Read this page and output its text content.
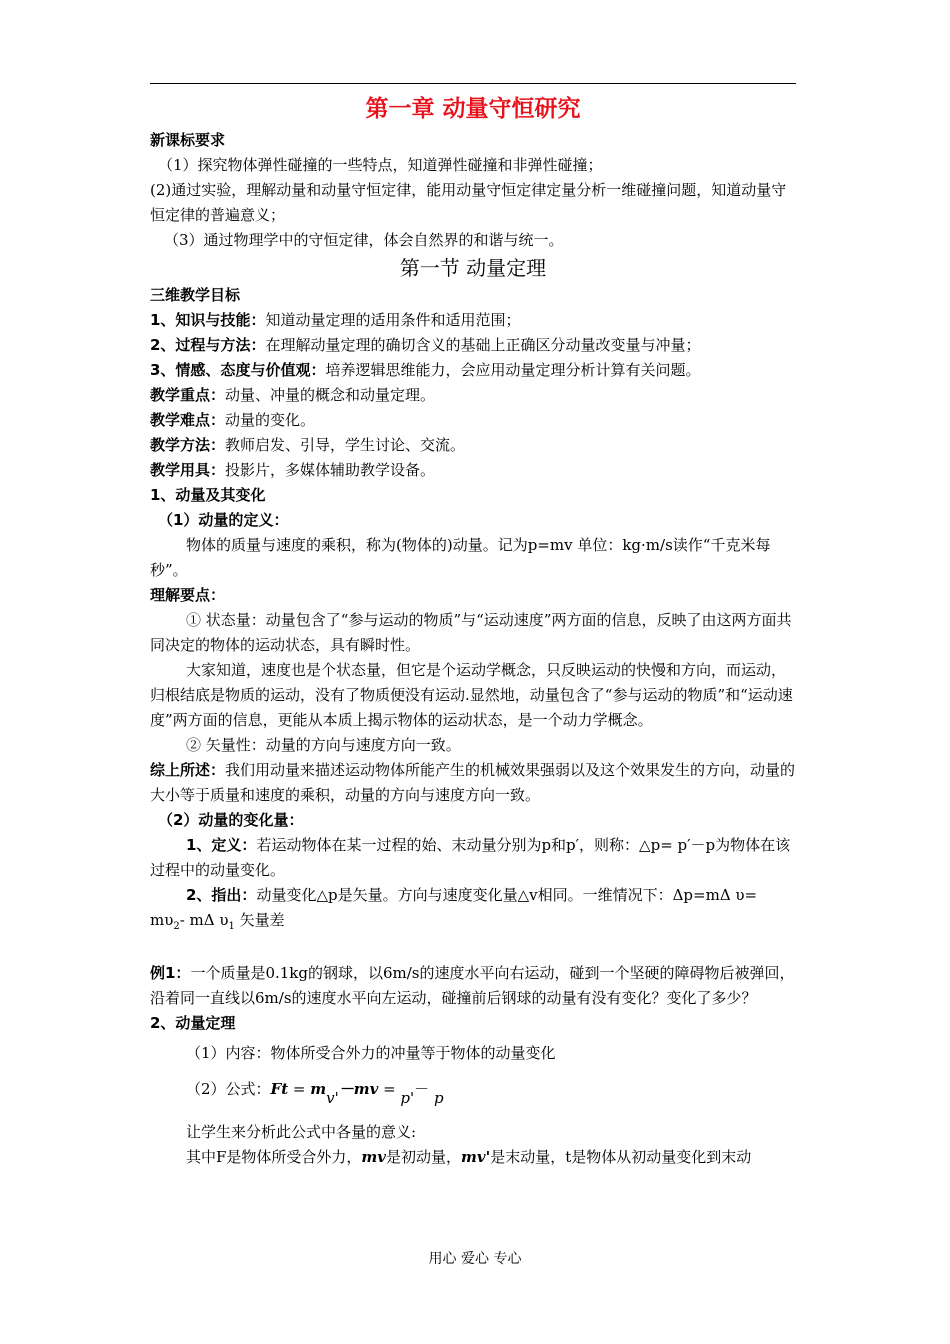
第一章 动量守恒研究

新课标要求

（1）探究物体弹性碰撞的一些特点，知道弹性碰撞和非弹性碰撞；

(2)通过实验，理解动量和动量守恒定律，能用动量守恒定律定量分析一维碰撞问题，知道动量守恒定律的普遍意义；

（3）通过物理学中的守恒定律，体会自然界的和谐与统一。

第一节 动量定理

三维教学目标

1、知识与技能：知道动量定理的适用条件和适用范围；

2、过程与方法：在理解动量定理的确切含义的基础上正确区分动量改变量与冲量；

3、情感、态度与价值观：培养逻辑思维能力，会应用动量定理分析计算有关问题。

教学重点：动量、冲量的概念和动量定理。

教学难点：动量的变化。

教学方法：教师启发、引导，学生讨论、交流。

教学用具：投影片，多媒体辅助教学设备。

1、动量及其变化

（1）动量的定义：

物体的质量与速度的乘积，称为(物体的)动量。记为p=mv 单位：kg·m/s读作“千克米每秒”。

理解要点：

① 状态量：动量包含了“参与运动的物质”与“运动速度”两方面的信息，反映了由这两方面共同决定的物体的运动状态，具有瞬时性。

大家知道，速度也是个状态量，但它是个运动学概念，只反映运动的快慢和方向，而运动，归根结底是物质的运动，没有了物质便没有运动.显然地，动量包含了“参与运动的物质”和“运动速度”两方面的信息，更能从本质上揭示物体的运动状态，是一个动力学概念。

② 矢量性：动量的方向与速度方向一致。

综上所述：我们用动量来描述运动物体所能产生的机械效果强弱以及这个效果发生的方向，动量的大小等于质量和速度的乘积，动量的方向与速度方向一致。

（2）动量的变化量：

1、定义：若运动物体在某一过程的始、末动量分别为p和p′，则称：△p= p′－p为物体在该过程中的动量变化。

2、指出：动量变化△p是矢量。方向与速度变化量△v相同。一维情况下：Δp=mΔ $\upsilon= m\upsilon_2-$ mΔ $\upsilon_1$ 矢量差

例1：一个质量是0.1kg的钢球，以6m/s的速度水平向右运动，碰到一个坚硬的障碍物后被弹回，沿着同一直线以6m/s的速度水平向左运动，碰撞前后钢球的动量有没有变化？变化了多少？

2、动量定理

（1）内容：物体所受合外力的冲量等于物体的动量变化

（2）公式：Ft = mv'－mv = p'－ p

让学生来分析此公式中各量的意义:

其中F是物体所受合外力，mv是初动量，mv'是末动量，t是物体从初动量变化到末动

用心 爱心 专心
